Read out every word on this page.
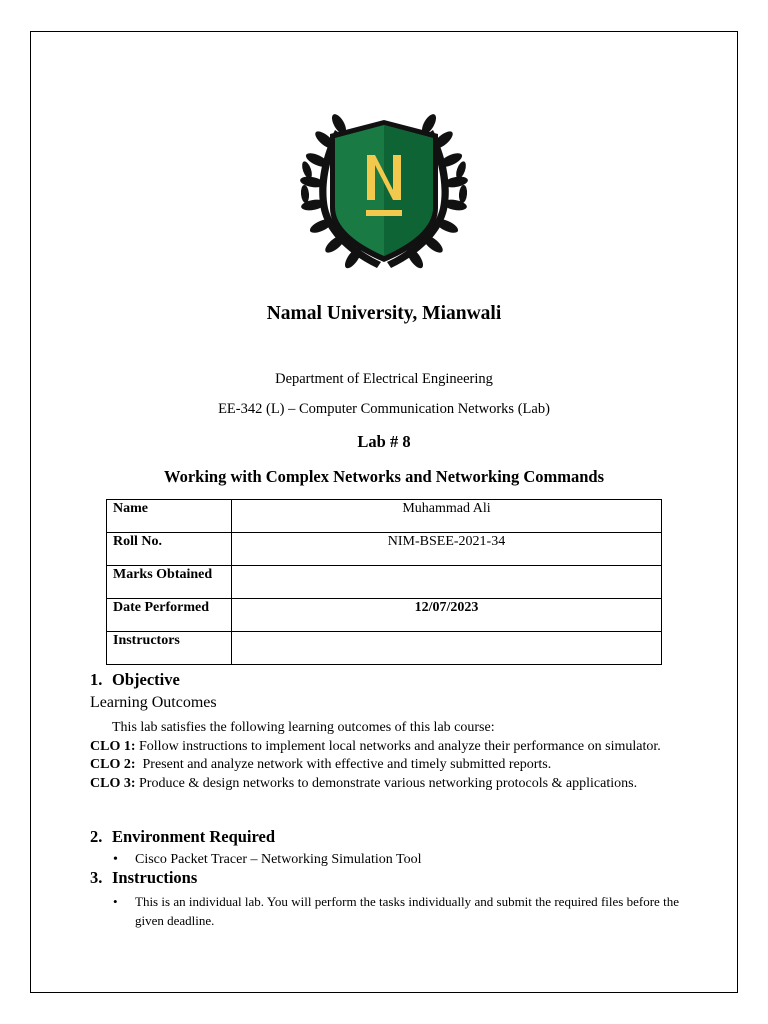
Namal University, Mianwali
Department of Electrical Engineering
EE-342 (L) – Computer Communication Networks (Lab)
Lab # 8
Working with Complex Networks and Networking Commands
Name	Muhammad Ali
Roll No.	NIM-BSEE-2021-34
Marks Obtained	
Date Performed	12/07/2023
Instructors	
1. Objective
Learning Outcomes
This lab satisfies the following learning outcomes of this lab course:
CLO 1: Follow instructions to implement local networks and analyze their performance on simulator.
CLO 2:  Present and analyze network with effective and timely submitted reports.
CLO 3: Produce & design networks to demonstrate various networking protocols & applications.
2. Environment Required
• Cisco Packet Tracer – Networking Simulation Tool
3. Instructions
• This is an individual lab. You will perform the tasks individually and submit the required files before the given deadline.
